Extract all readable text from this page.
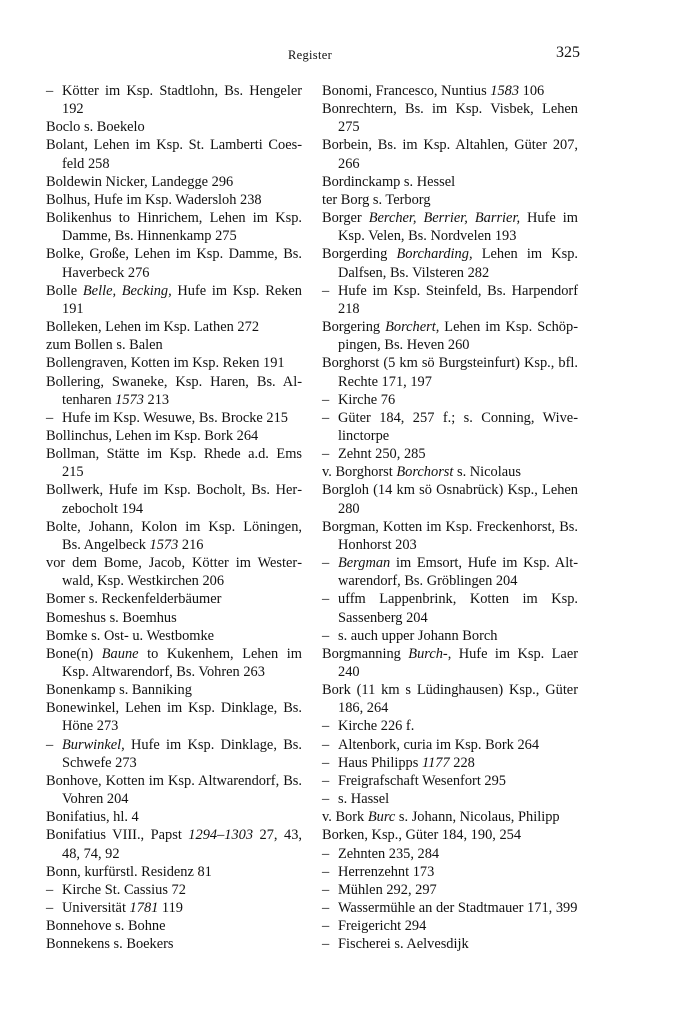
Register	325

– Kötter im Ksp. Stadtlohn, Bs. Hengeler 192

Boclo s. Boekelo

Bolant, Lehen im Ksp. St. Lamberti Coesfeld 258

Boldewin Nicker, Landegge 296

Bolhus, Hufe im Ksp. Wadersloh 238

Bolikenhus to Hinrichem, Lehen im Ksp. Damme, Bs. Hinnenkamp 275

Bolke, Große, Lehen im Ksp. Damme, Bs. Haverbeck 276

Bolle Belle, Becking, Hufe im Ksp. Reken 191

Bolleken, Lehen im Ksp. Lathen 272

zum Bollen s. Balen

Bollengraven, Kotten im Ksp. Reken 191

Bollering, Swaneke, Ksp. Haren, Bs. Altenharen 1573 213

– Hufe im Ksp. Wesuwe, Bs. Brocke 215

Bollinchus, Lehen im Ksp. Bork 264

Bollman, Stätte im Ksp. Rhede a.d. Ems 215

Bollwerk, Hufe im Ksp. Bocholt, Bs. Herzebocholt 194

Bolte, Johann, Kolon im Ksp. Löningen, Bs. Angelbeck 1573 216

vor dem Bome, Jacob, Kötter im Westerwald, Ksp. Westkirchen 206

Bomer s. Reckenfelderbäumer

Bomeshus s. Boemhus

Bomke s. Ost- u. Westbomke

Bone(n) Baune to Kukenhem, Lehen im Ksp. Altwarendorf, Bs. Vohren 263

Bonenkamp s. Banniking

Bonewinkel, Lehen im Ksp. Dinklage, Bs. Höne 273

– Burwinkel, Hufe im Ksp. Dinklage, Bs. Schwefe 273

Bonhove, Kotten im Ksp. Altwarendorf, Bs. Vohren 204

Bonifatius, hl. 4

Bonifatius VIII., Papst 1294–1303 27, 43, 48, 74, 92

Bonn, kurfürstl. Residenz 81

– Kirche St. Cassius 72

– Universität 1781 119

Bonnehove s. Bohne

Bonnekens s. Boekers

Bonomi, Francesco, Nuntius 1583 106

Bonrechtern, Bs. im Ksp. Visbek, Lehen 275

Borbein, Bs. im Ksp. Altahlen, Güter 207, 266

Bordinckamp s. Hessel

ter Borg s. Terborg

Borger Bercher, Berrier, Barrier, Hufe im Ksp. Velen, Bs. Nordvelen 193

Borgerding Borcharding, Lehen im Ksp. Dalfsen, Bs. Vilsteren 282

– Hufe im Ksp. Steinfeld, Bs. Harpendorf 218

Borgering Borchert, Lehen im Ksp. Schöppingen, Bs. Heven 260

Borghorst (5 km sö Burgsteinfurt) Ksp., bfl. Rechte 171, 197

– Kirche 76

– Güter 184, 257 f.; s. Conning, Wivelinctorpe

– Zehnt 250, 285

v. Borghorst Borchorst s. Nicolaus

Borgloh (14 km sö Osnabrück) Ksp., Lehen 280

Borgman, Kotten im Ksp. Freckenhorst, Bs. Honhorst 203

– Bergman im Emsort, Hufe im Ksp. Altwarendorf, Bs. Gröblingen 204

– uffm Lappenbrink, Kotten im Ksp. Sassenberg 204

– s. auch upper Johann Borch

Borgmanning Burch-, Hufe im Ksp. Laer 240

Bork (11 km s Lüdinghausen) Ksp., Güter 186, 264

– Kirche 226 f.

– Altenbork, curia im Ksp. Bork 264

– Haus Philipps 1177 228

– Freigrafschaft Wesenfort 295

– s. Hassel

v. Bork Burc s. Johann, Nicolaus, Philipp

Borken, Ksp., Güter 184, 190, 254

– Zehnten 235, 284

– Herrenzehnt 173

– Mühlen 292, 297

– Wassermühle an der Stadtmauer 171, 399

– Freigericht 294

– Fischerei s. Aelvesdijk
